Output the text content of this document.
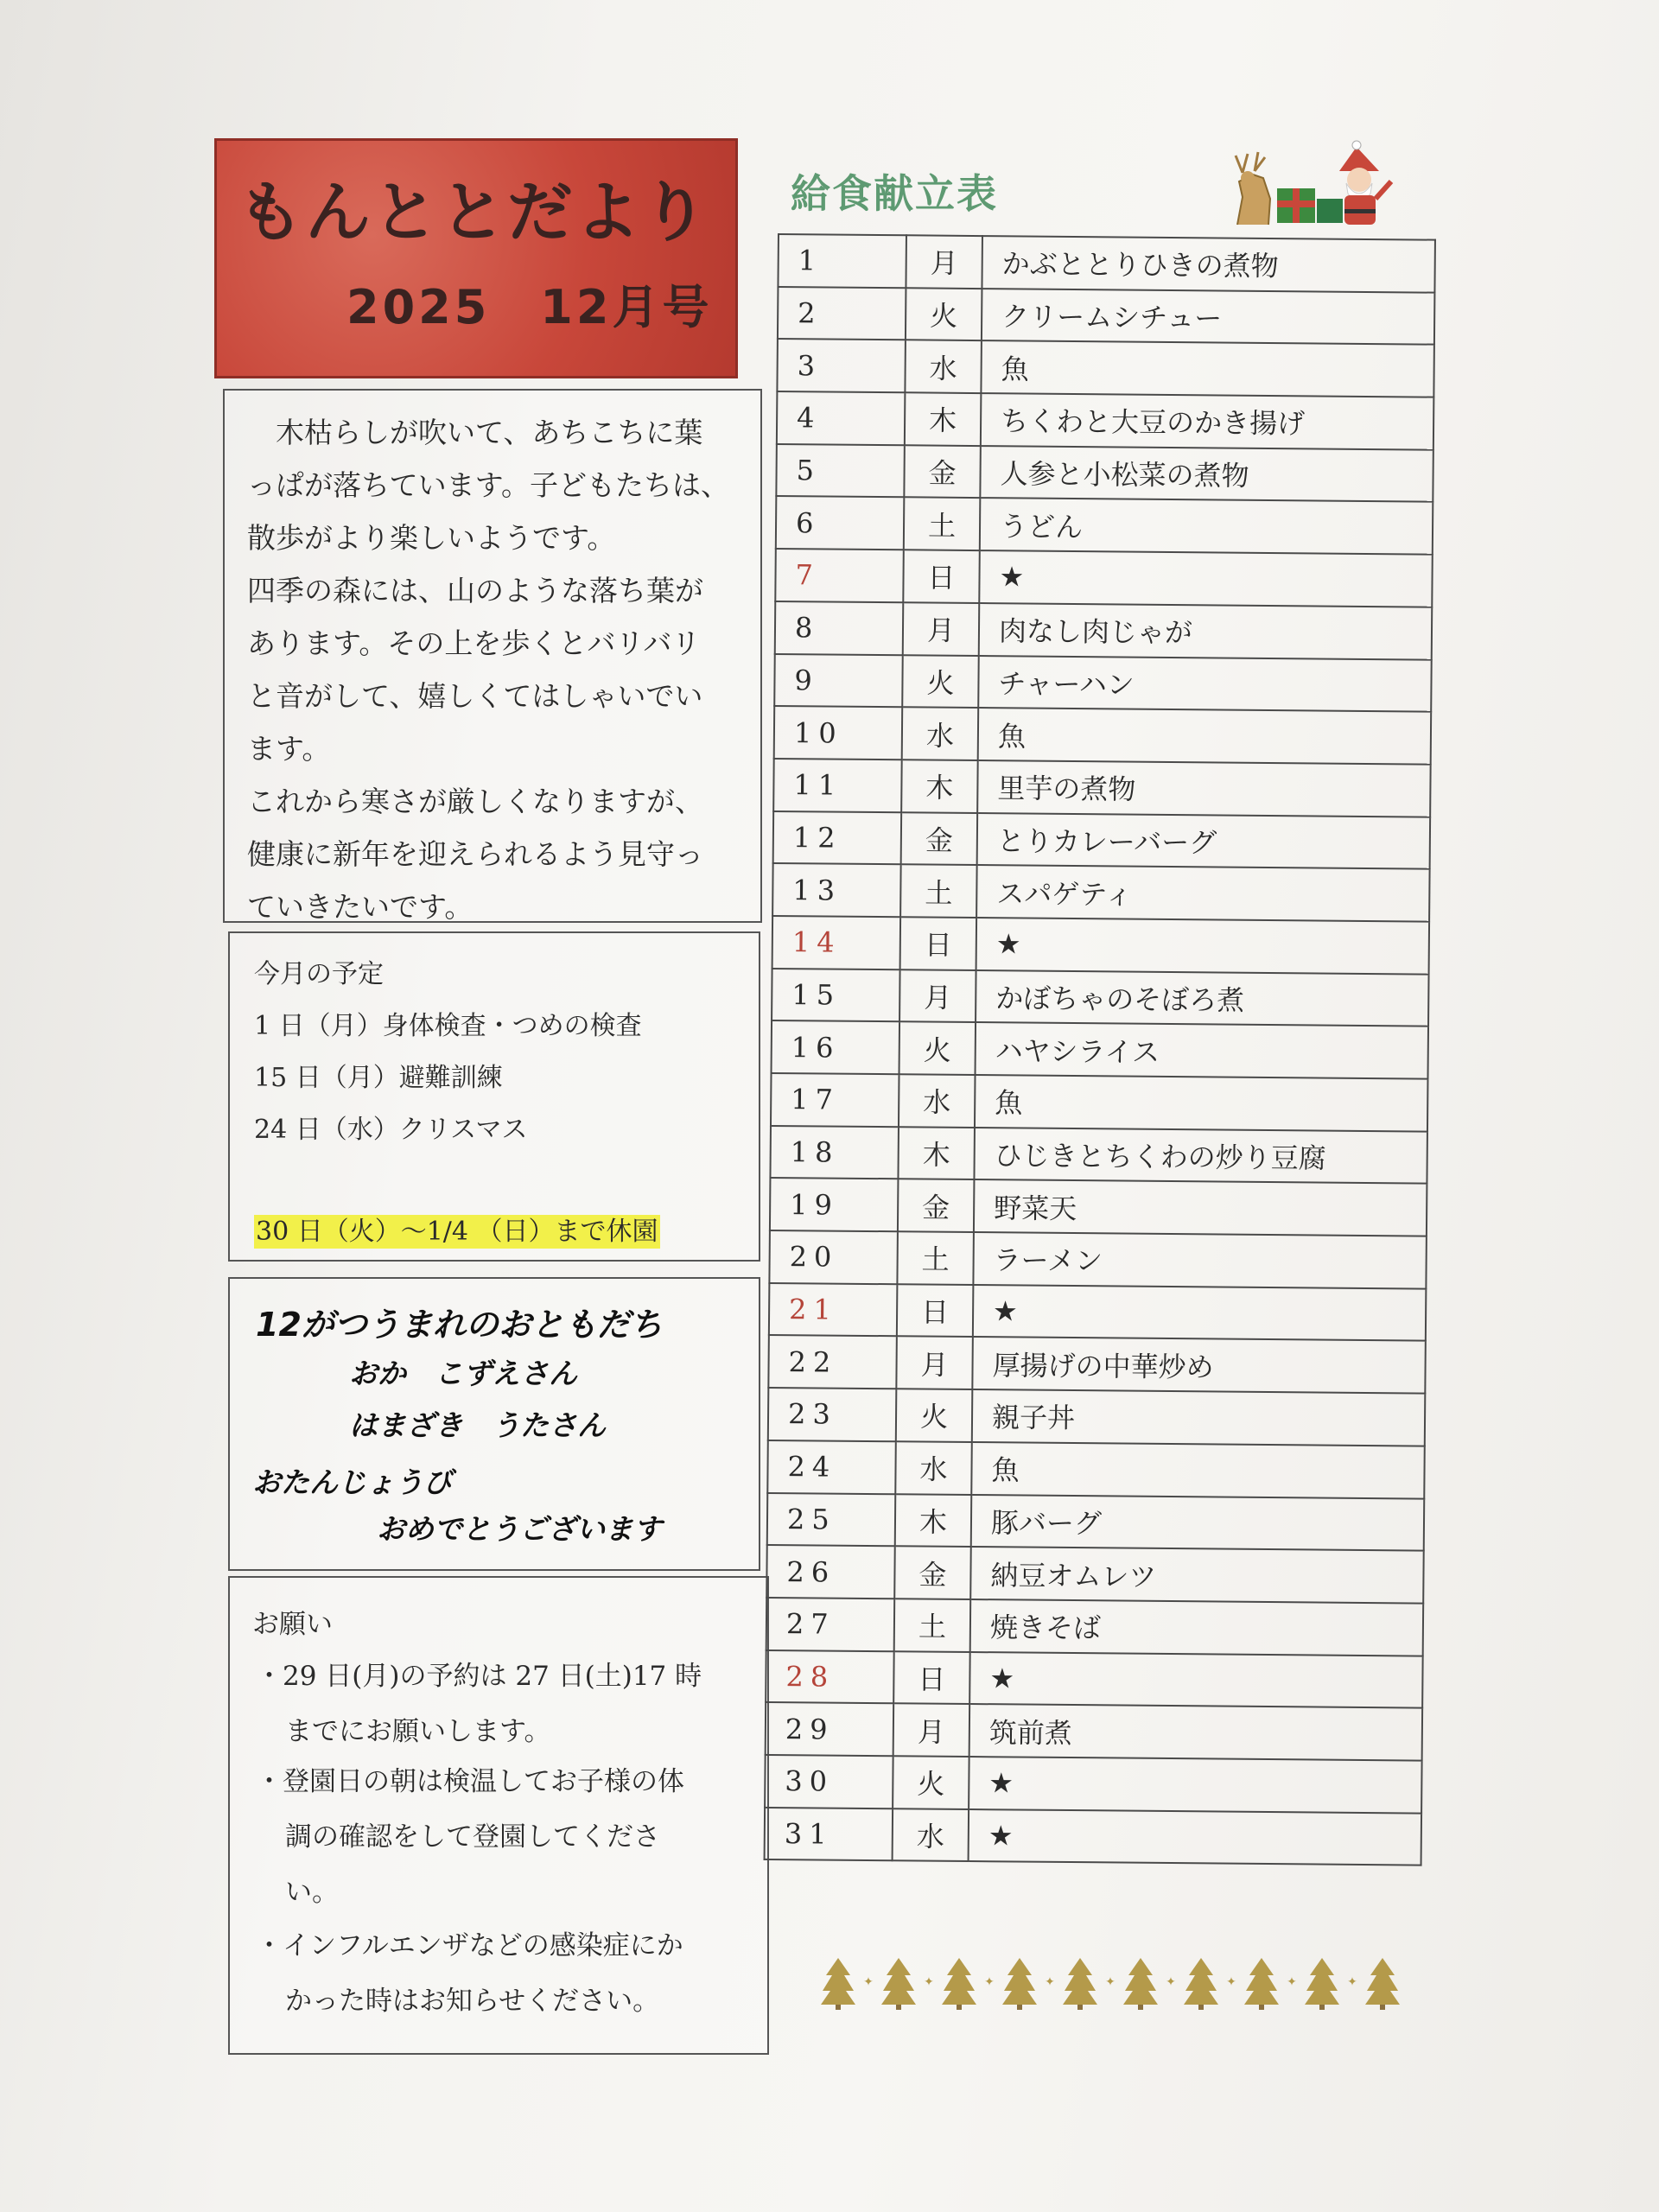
もんととだより
2025　12月号

　木枯らしが吹いて、あちこちに葉
っぱが落ちています。子どもたちは、
散歩がより楽しいようです。
四季の森には、山のような落ち葉が
あります。その上を歩くとバリバリ
と音がして、嬉しくてはしゃいでい
ます。
これから寒さが厳しくなりますが、
健康に新年を迎えられるよう見守っ
ていきたいです。

今月の予定
1 日（月）身体検査・つめの検査
15 日（月）避難訓練
24 日（水）クリスマス
30 日（火）～1/4 （日）まで休園
12がつうまれのおともだち
おか　こずえさん
はまざき　うたさん
おたんじょうび
おめでとうございます
お願い
・29 日(月)の予約は 27 日(土)17 時
までにお願いします。
・登園日の朝は検温してお子様の体
調の確認をして登園してくださ
い。
・インフルエンザなどの感染症にか
かった時はお知らせください。
給食献立表
1	月	かぶととりひきの煮物
2	火	クリームシチュー
3	水	魚
4	木	ちくわと大豆のかき揚げ
5	金	人参と小松菜の煮物
6	土	うどん
7	日	★
8	月	肉なし肉じゃが
9	火	チャーハン
10	水	魚
11	木	里芋の煮物
12	金	とりカレーバーグ
13	土	スパゲティ
14	日	★
15	月	かぼちゃのそぼろ煮
16	火	ハヤシライス
17	水	魚
18	木	ひじきとちくわの炒り豆腐
19	金	野菜天
20	土	ラーメン
21	日	★
22	月	厚揚げの中華炒め
23	火	親子丼
24	水	魚
25	木	豚バーグ
26	金	納豆オムレツ
27	土	焼きそば
28	日	★
29	月	筑前煮
30	火	★
31	水	★
✦	✦	✦	✦	✦	✦	✦	✦	✦
